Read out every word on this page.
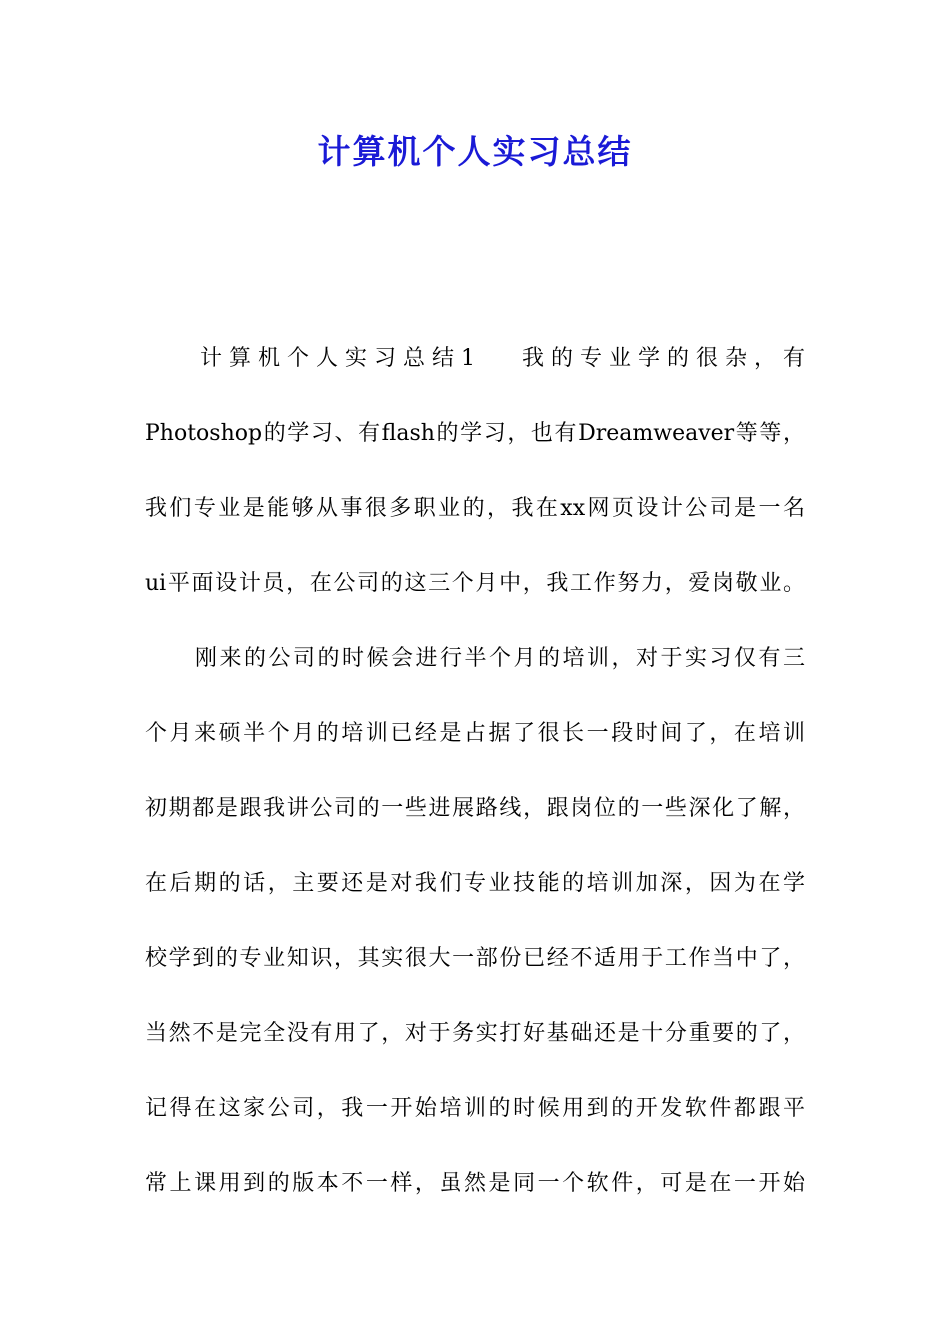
计算机个人实习总结
计算机个人实习总结1 我的专业学的很杂，有
Photoshop的学习、有flash的学习，也有Dreamweaver等等，
我们专业是能够从事很多职业的，我在xx网页设计公司是一名
ui平面设计员，在公司的这三个月中，我工作努力，爱岗敬业。
刚来的公司的时候会进行半个月的培训，对于实习仅有三
个月来硕半个月的培训已经是占据了很长一段时间了，在培训
初期都是跟我讲公司的一些进展路线，跟岗位的一些深化了解，
在后期的话，主要还是对我们专业技能的培训加深，因为在学
校学到的专业知识，其实很大一部份已经不适用于工作当中了，
当然不是完全没有用了，对于务实打好基础还是十分重要的了，
记得在这家公司，我一开始培训的时候用到的开发软件都跟平
常上课用到的版本不一样，虽然是同一个软件，可是在一开始
